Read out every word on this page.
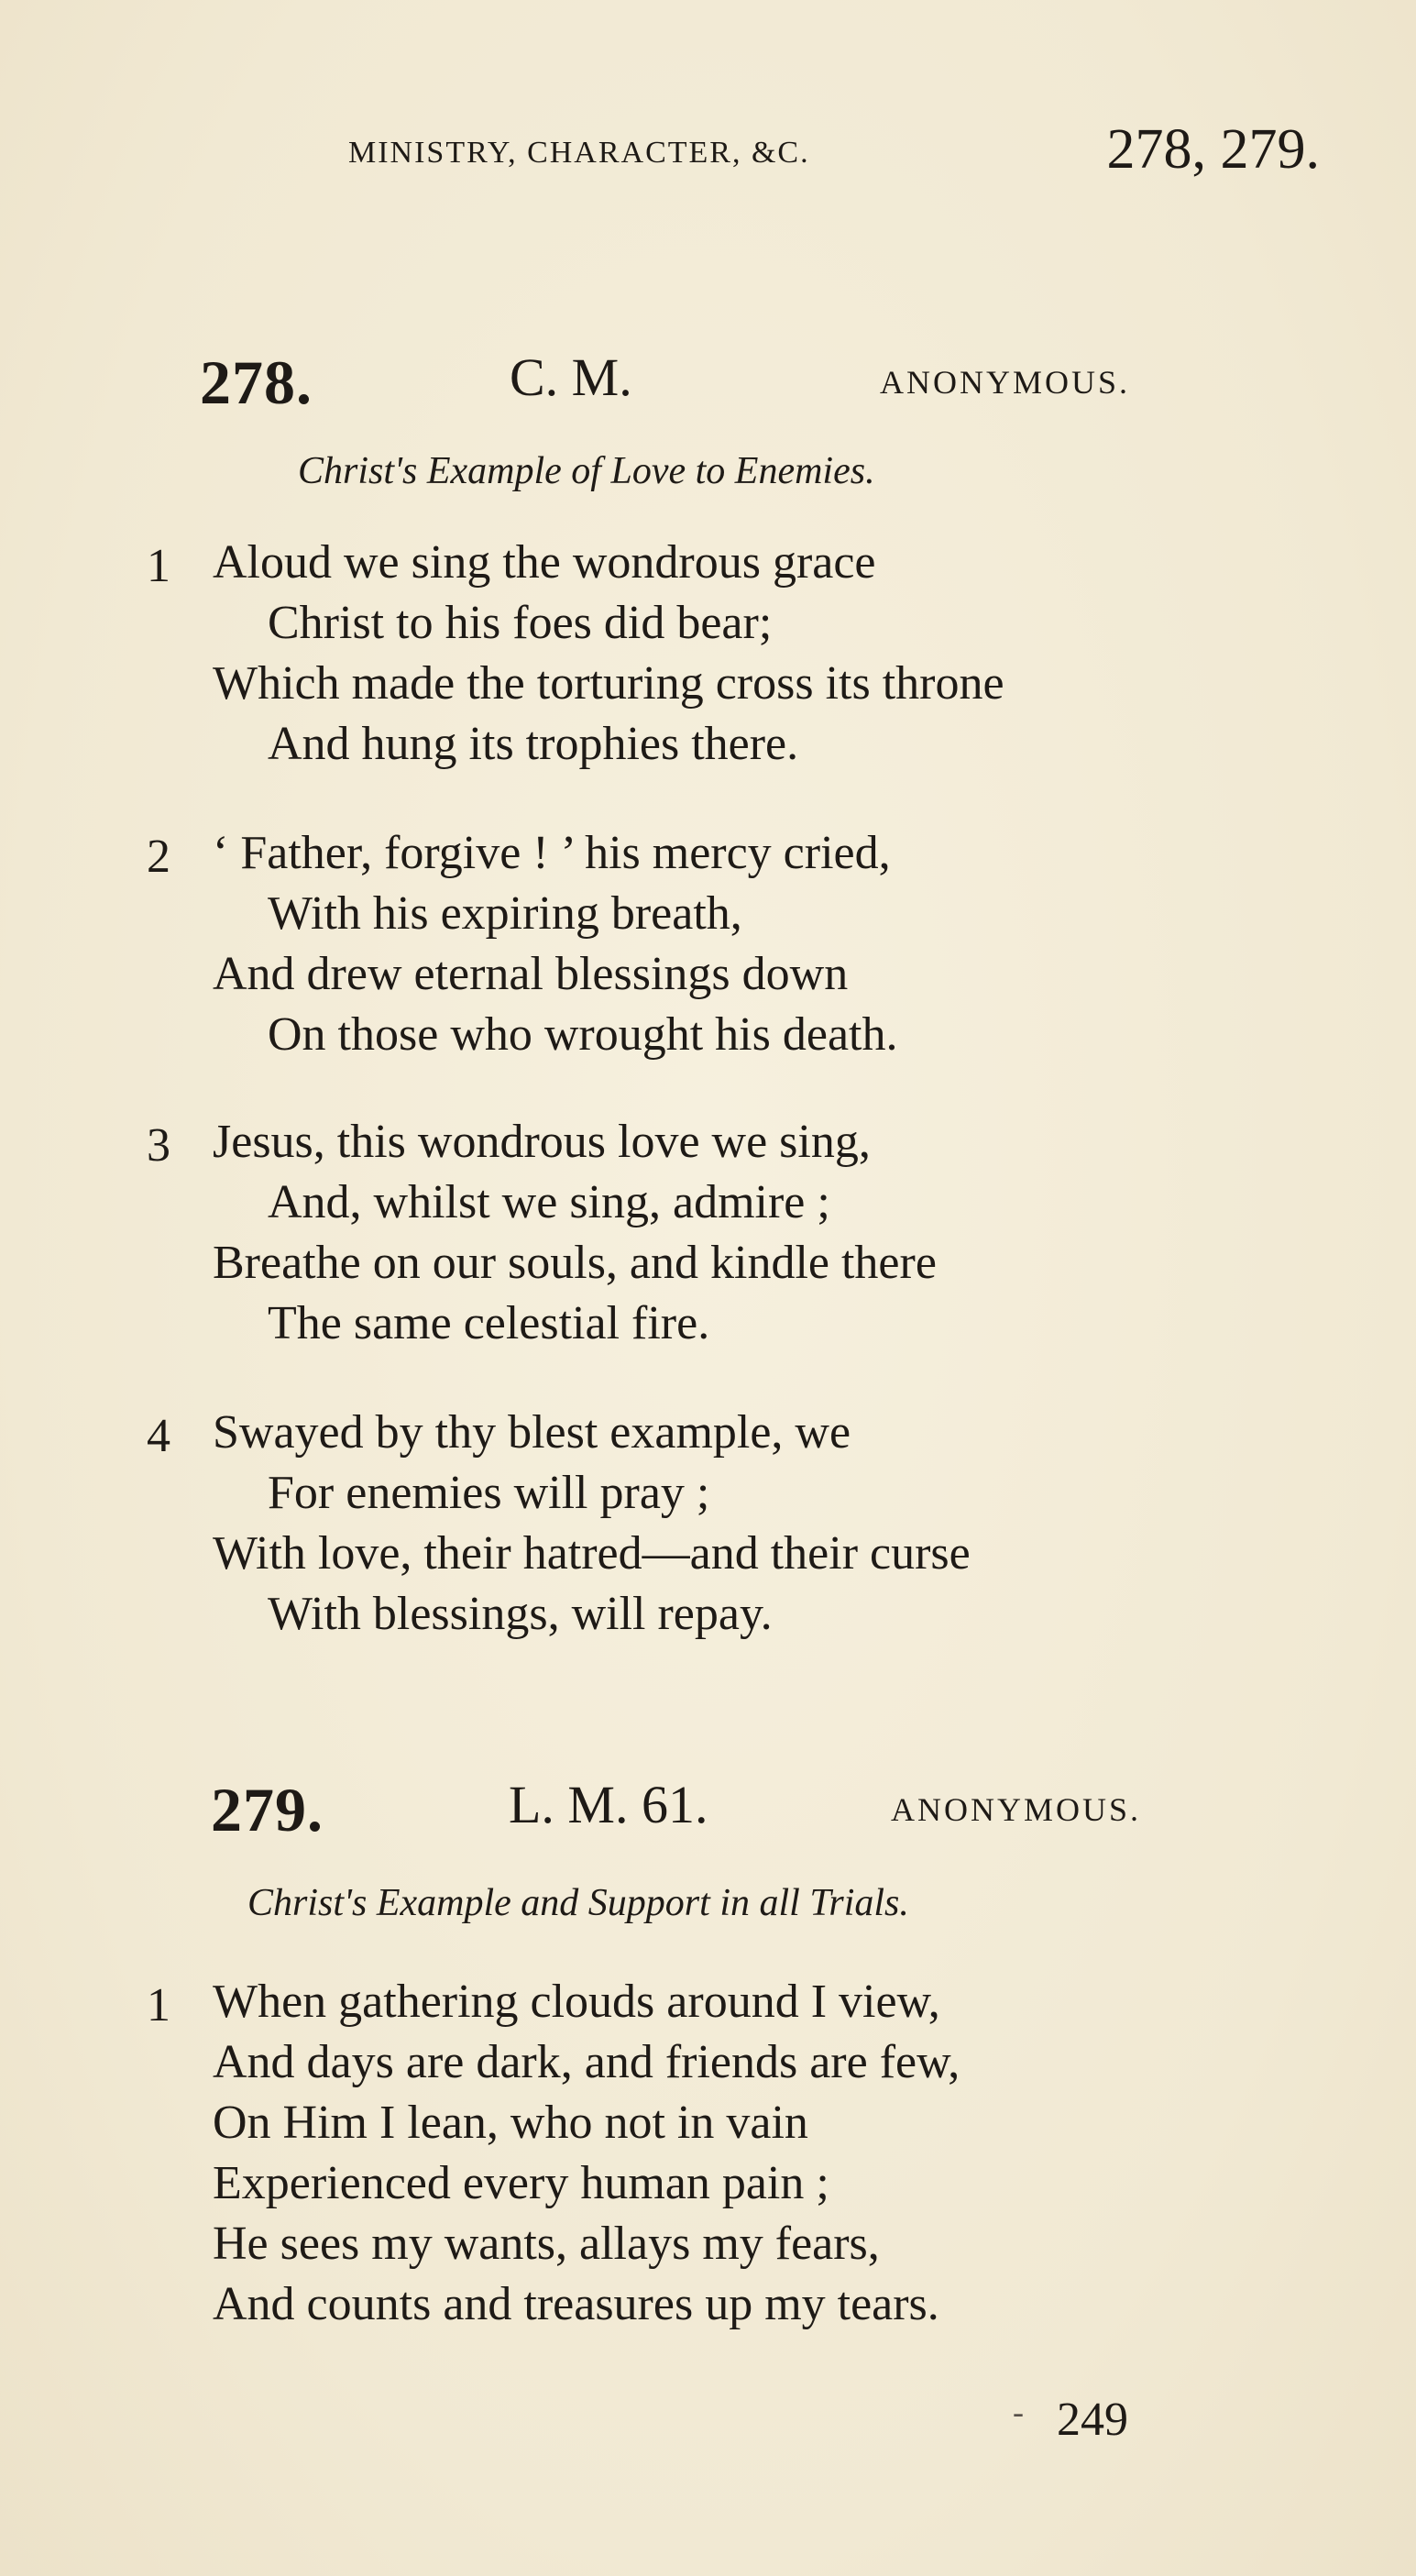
MINISTRY, CHARACTER, &C.	278, 279.
278.	C. M.	ANONYMOUS.
Christ's Example of Love to Enemies.
1 Aloud we sing the wondrous grace
Christ to his foes did bear;
Which made the torturing cross its throne
And hung its trophies there.
2 ‘ Father, forgive ! ’ his mercy cried,
With his expiring breath,
And drew eternal blessings down
On those who wrought his death.
3 Jesus, this wondrous love we sing,
And, whilst we sing, admire ;
Breathe on our souls, and kindle there
The same celestial fire.
4 Swayed by thy blest example, we
For enemies will pray ;
With love, their hatred—and their curse
With blessings, will repay.
279.	L. M. 61.	ANONYMOUS.
Christ's Example and Support in all Trials.
1 When gathering clouds around I view,
And days are dark, and friends are few,
On Him I lean, who not in vain
Experienced every human pain ;
He sees my wants, allays my fears,
And counts and treasures up my tears.
- 249
